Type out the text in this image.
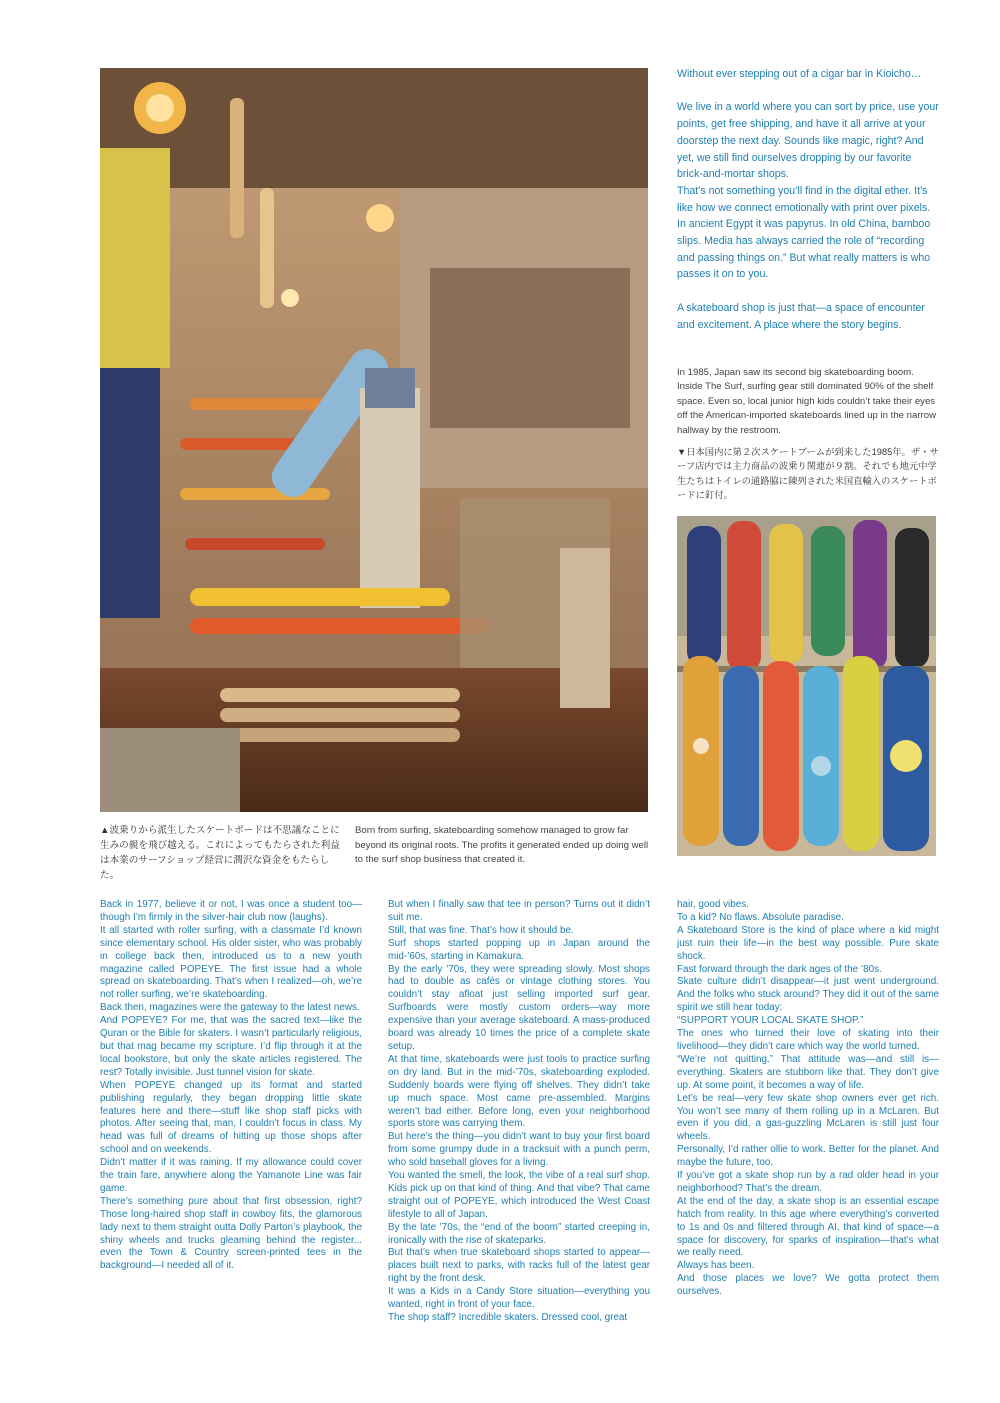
Without ever stepping out of a cigar bar in Kioicho…

We live in a world where you can sort by price, use your points, get free shipping, and have it all arrive at your doorstep the next day. Sounds like magic, right? And yet, we still find ourselves dropping by our favorite brick-and-mortar shops.

That’s not something you’ll find in the digital ether. It’s like how we connect emotionally with print over pixels. In ancient Egypt it was papyrus. In old China, bamboo slips. Media has always carried the role of “recording and passing things on.” But what really matters is who passes it on to you.

A skateboard shop is just that—a space of encounter and excitement. A place where the story begins.

In 1985, Japan saw its second big skateboarding boom. Inside The Surf, surfing gear still dominated 90% of the shelf space. Even so, local junior high kids couldn’t take their eyes off the American-imported skateboards lined up in the narrow hallway by the restroom.

▼日本国内に第２次スケートブームが到来した1985年。ザ・サーフ店内では主力商品の波乗り関連が９割。それでも地元中学生たちはトイレの通路脇に陳列された米国直輸入のスケートボードに釘付。

▲波乗りから派生したスケートボードは不思議なことに生みの親を飛び越える。これによってもたらされた利益は本業のサーフショップ経営に潤沢な資金をもたらした。
Born from surfing, skateboarding somehow managed to grow far beyond its original roots. The profits it generated ended up doing well to the surf shop business that created it.

Back in 1977, believe it or not, I was once a student too—though I’m firmly in the silver-hair club now (laughs).

It all started with roller surfing, with a classmate I’d known since elementary school. His older sister, who was probably in college back then, introduced us to a new youth magazine called POPEYE. The first issue had a whole spread on skateboarding. That’s when I realized—oh, we’re not roller surfing, we’re skateboarding.

Back then, magazines were the gateway to the latest news.

And POPEYE? For me, that was the sacred text—like the Quran or the Bible for skaters. I wasn’t particularly religious, but that mag became my scripture. I’d flip through it at the local bookstore, but only the skate articles registered. The rest? Totally invisible. Just tunnel vision for skate.

When POPEYE changed up its format and started publishing regularly, they began dropping little skate features here and there—stuff like shop staff picks with photos. After seeing that, man, I couldn’t focus in class. My head was full of dreams of hitting up those shops after school and on weekends.

Didn’t matter if it was raining. If my allowance could cover the train fare, anywhere along the Yamanote Line was fair game.

There’s something pure about that first obsession, right? Those long-haired shop staff in cowboy fits, the glamorous lady next to them straight outta Dolly Parton’s playbook, the shiny wheels and trucks gleaming behind the register... even the Town & Country screen-printed tees in the background—I needed all of it.

But when I finally saw that tee in person? Turns out it didn’t suit me.

Still, that was fine. That’s how it should be.

Surf shops started popping up in Japan around the mid-’60s, starting in Kamakura.

By the early ’70s, they were spreading slowly. Most shops had to double as cafés or vintage clothing stores. You couldn’t stay afloat just selling imported surf gear. Surfboards were mostly custom orders—way more expensive than your average skateboard. A mass-produced board was already 10 times the price of a complete skate setup.

At that time, skateboards were just tools to practice surfing on dry land. But in the mid-’70s, skateboarding exploded. Suddenly boards were flying off shelves. They didn’t take up much space. Most came pre-assembled. Margins weren’t bad either. Before long, even your neighborhood sports store was carrying them.

But here’s the thing—you didn’t want to buy your first board from some grumpy dude in a tracksuit with a punch perm, who sold baseball gloves for a living.

You wanted the smell, the look, the vibe of a real surf shop. Kids pick up on that kind of thing. And that vibe? That came straight out of POPEYE, which introduced the West Coast lifestyle to all of Japan.

By the late ’70s, the “end of the boom” started creeping in, ironically with the rise of skateparks.

But that’s when true skateboard shops started to appear—places built next to parks, with racks full of the latest gear right by the front desk.

It was a Kids in a Candy Store situation—everything you wanted, right in front of your face.

The shop staff? Incredible skaters. Dressed cool, great

hair, good vibes.

To a kid? No flaws. Absolute paradise.

A Skateboard Store is the kind of place where a kid might just ruin their life—in the best way possible. Pure skate shock.

Fast forward through the dark ages of the ’80s.

Skate culture didn’t disappear—it just went underground. And the folks who stuck around? They did it out of the same spirit we still hear today:

“SUPPORT YOUR LOCAL SKATE SHOP.”

The ones who turned their love of skating into their livelihood—they didn’t care which way the world turned.

“We’re not quitting.” That attitude was—and still is—everything. Skaters are stubborn like that. They don’t give up. At some point, it becomes a way of life.

Let’s be real—very few skate shop owners ever get rich. You won’t see many of them rolling up in a McLaren. But even if you did, a gas-guzzling McLaren is still just four wheels.

Personally, I’d rather ollie to work. Better for the planet. And maybe the future, too.

If you’ve got a skate shop run by a rad older head in your neighborhood? That’s the dream.

At the end of the day, a skate shop is an essential escape hatch from reality. In this age where everything’s converted to 1s and 0s and filtered through AI, that kind of space—a space for discovery, for sparks of inspiration—that’s what we really need.

Always has been.

And those places we love? We gotta protect them ourselves.
